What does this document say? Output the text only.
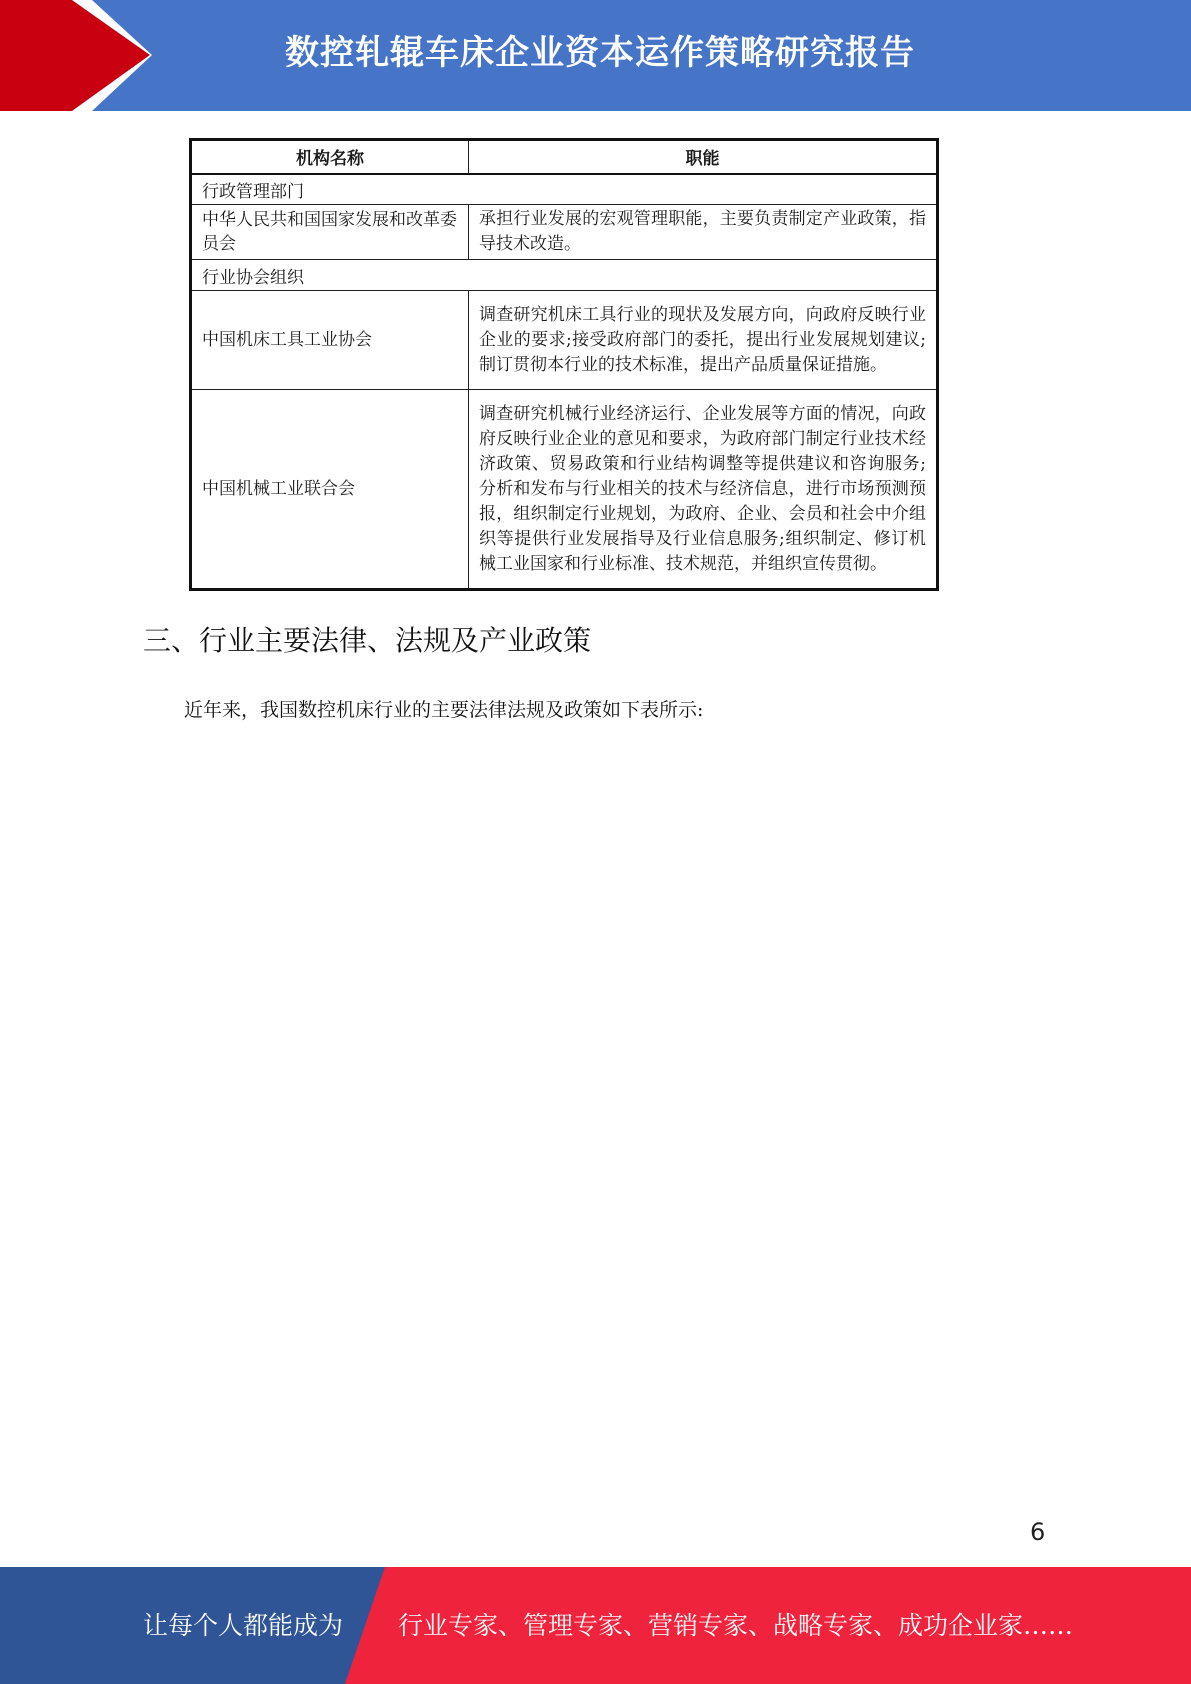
数控轧辊车床企业资本运作策略研究报告
机构名称	职能
行政管理部门	
中华人民共和国国家发展和改革委员会	承担行业发展的宏观管理职能，主要负责制定产业政策，指导技术改造。
行业协会组织	
中国机床工具工业协会	调查研究机床工具行业的现状及发展方向，向政府反映行业企业的要求;接受政府部门的委托，提出行业发展规划建议;制订贯彻本行业的技术标准，提出产品质量保证措施。
中国机械工业联合会	调查研究机械行业经济运行、企业发展等方面的情况，向政府反映行业企业的意见和要求，为政府部门制定行业技术经济政策、贸易政策和行业结构调整等提供建议和咨询服务;分析和发布与行业相关的技术与经济信息，进行市场预测预报，组织制定行业规划，为政府、企业、会员和社会中介组织等提供行业发展指导及行业信息服务;组织制定、修订机械工业国家和行业标准、技术规范，并组织宣传贯彻。
三、行业主要法律、法规及产业政策

近年来，我国数控机床行业的主要法律法规及政策如下表所示:

6
让每个人都能成为 行业专家、管理专家、营销专家、战略专家、成功企业家……
